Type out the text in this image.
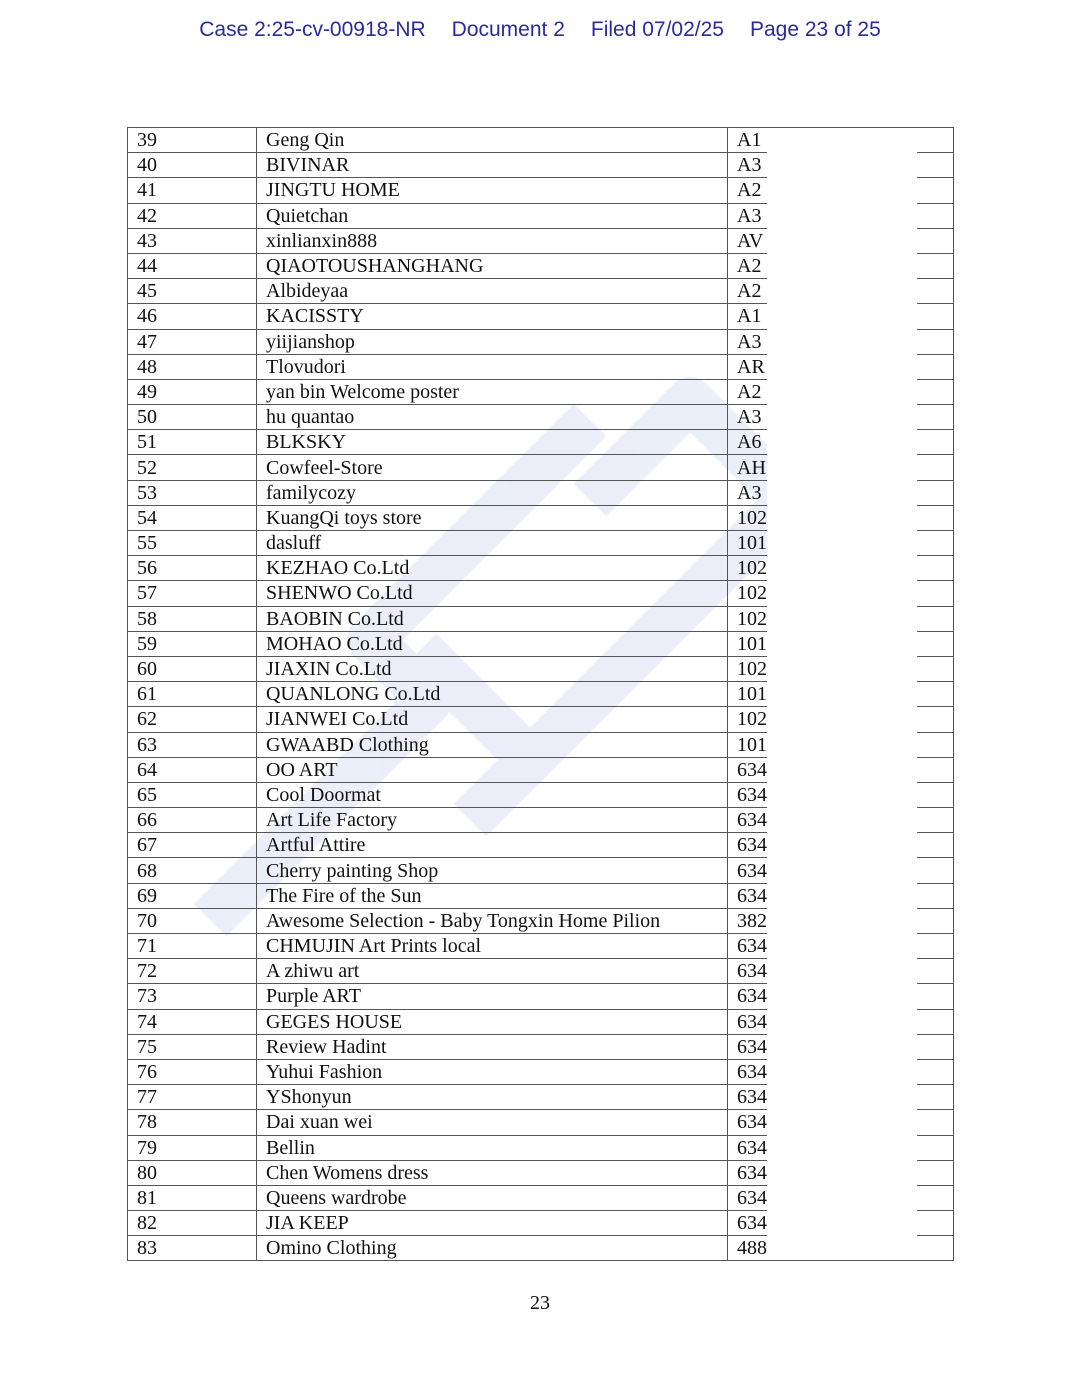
Case 2:25-cv-00918-NR Document 2 Filed 07/02/25 Page 23 of 25
39	Geng Qin	A1
40	BIVINAR	A3
41	JINGTU HOME	A2
42	Quietchan	A3
43	xinlianxin888	AV
44	QIAOTOUSHANGHANG	A2
45	Albideyaa	A2
46	KACISSTY	A1
47	yiijianshop	A3
48	Tlovudori	AR
49	yan bin Welcome poster	A2
50	hu quantao	A3
51	BLKSKY	A6
52	Cowfeel-Store	AH
53	familycozy	A3
54	KuangQi toys store	102
55	dasluff	101
56	KEZHAO Co.Ltd	102
57	SHENWO Co.Ltd	102
58	BAOBIN Co.Ltd	102
59	MOHAO Co.Ltd	101
60	JIAXIN Co.Ltd	102
61	QUANLONG Co.Ltd	101
62	JIANWEI Co.Ltd	102
63	GWAABD Clothing	101
64	OO ART	634
65	Cool Doormat	634
66	Art Life Factory	634
67	Artful Attire	634
68	Cherry painting Shop	634
69	The Fire of the Sun	634
70	Awesome Selection - Baby Tongxin Home Pilion	382
71	CHMUJIN Art Prints local	634
72	A zhiwu art	634
73	Purple ART	634
74	GEGES HOUSE	634
75	Review Hadint	634
76	Yuhui Fashion	634
77	YShonyun	634
78	Dai xuan wei	634
79	Bellin	634
80	Chen Womens dress	634
81	Queens wardrobe	634
82	JIA KEEP	634
83	Omino Clothing	488
23
